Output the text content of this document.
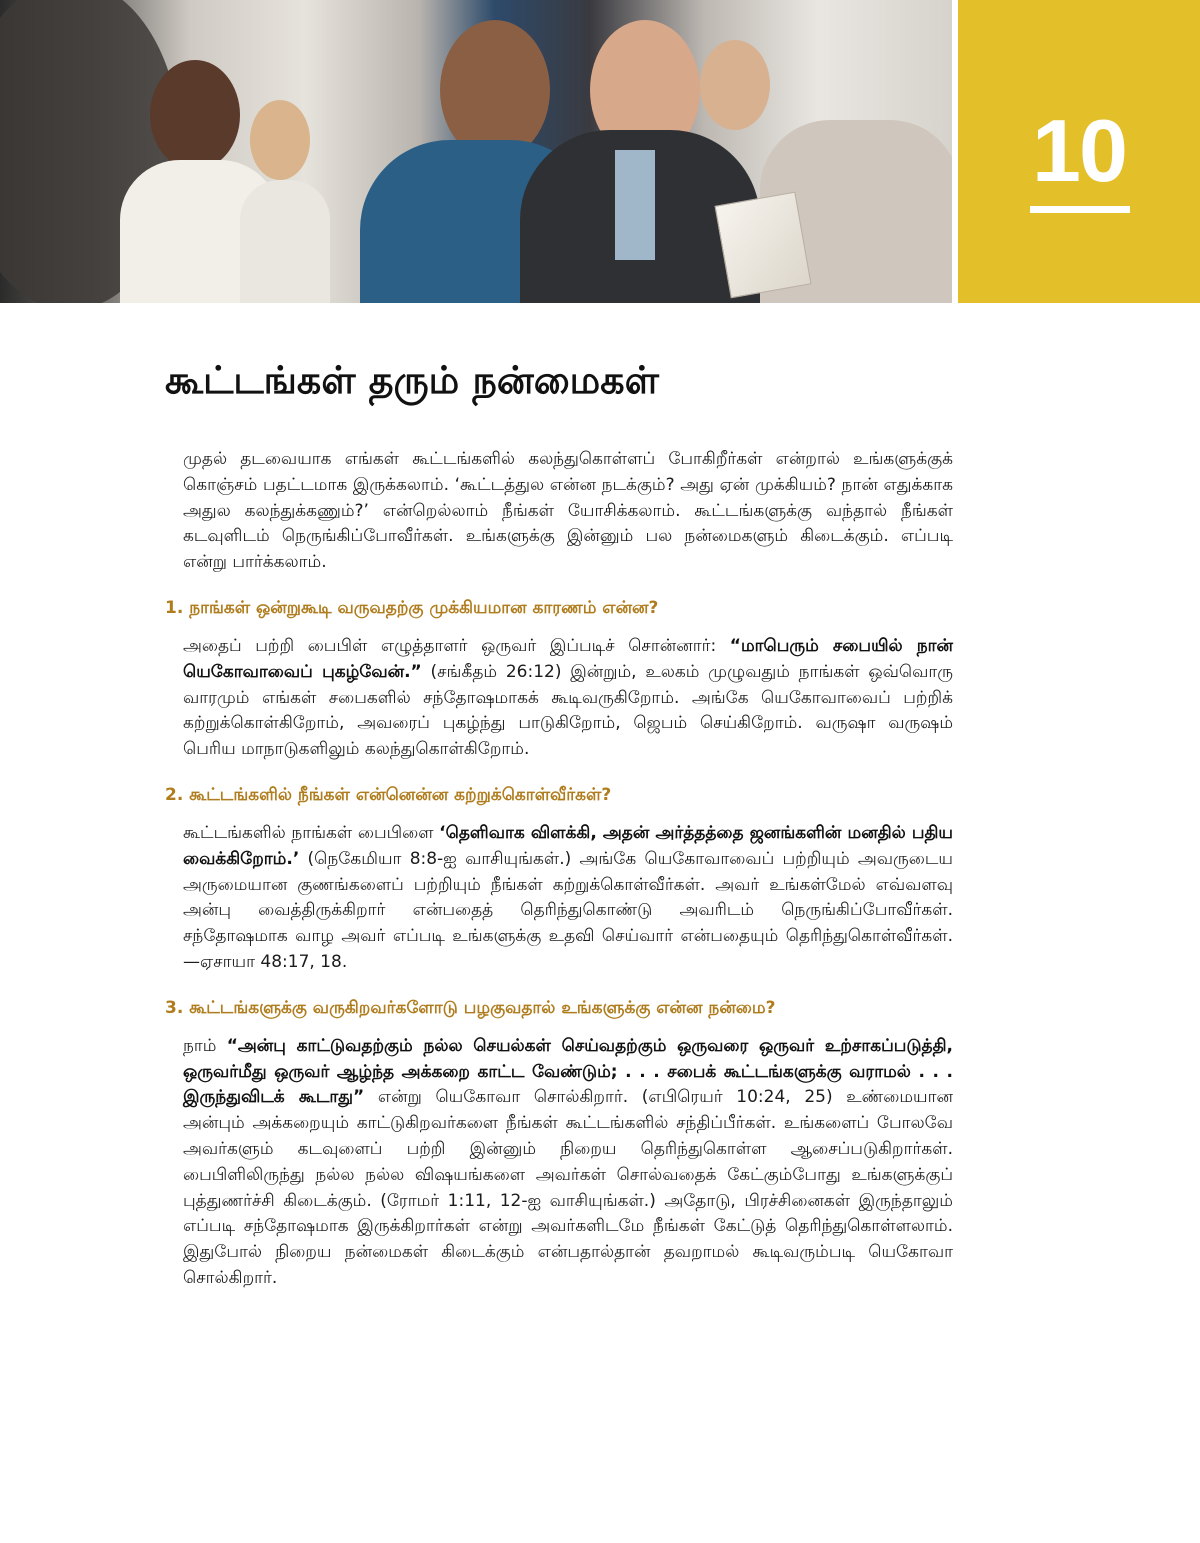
10
கூட்டங்கள் தரும் நன்மைகள்

முதல் தடவையாக எங்கள் கூட்டங்களில் கலந்துகொள்ளப் போகிறீர்கள் என்றால் உங்களுக்குக் கொஞ்சம் பதட்டமாக இருக்கலாம். ‘கூட்டத்துல என்ன நடக்கும்? அது ஏன் முக்கியம்? நான் எதுக்காக அதுல கலந்துக்கணும்?’ என்றெல்லாம் நீங்கள் யோசிக்கலாம். கூட்டங்களுக்கு வந்தால் நீங்கள் கடவுளிடம் நெருங்கிப்போவீர்கள். உங்களுக்கு இன்னும் பல நன்மைகளும் கிடைக்கும். எப்படி என்று பார்க்கலாம்.

1. நாங்கள் ஒன்றுகூடி வருவதற்கு முக்கியமான காரணம் என்ன?

அதைப் பற்றி பைபிள் எழுத்தாளர் ஒருவர் இப்படிச் சொன்னார்: “மாபெரும் சபையில் நான் யெகோவாவைப் புகழ்வேன்.” (சங்கீதம் 26:12) இன்றும், உலகம் முழுவதும் நாங்கள் ஒவ்வொரு வாரமும் எங்கள் சபைகளில் சந்தோஷமாகக் கூடிவருகிறோம். அங்கே யெகோவாவைப் பற்றிக் கற்றுக்கொள்கிறோம், அவரைப் புகழ்ந்து பாடுகிறோம், ஜெபம் செய்கிறோம். வருஷா வருஷம் பெரிய மாநாடுகளிலும் கலந்துகொள்கிறோம்.

2. கூட்டங்களில் நீங்கள் என்னென்ன கற்றுக்கொள்வீர்கள்?

கூட்டங்களில் நாங்கள் பைபிளை ‘தெளிவாக விளக்கி, அதன் அர்த்தத்தை ஜனங்களின் மனதில் பதிய வைக்கிறோம்.’ (நெகேமியா 8:8-ஐ வாசியுங்கள்.) அங்கே யெகோவாவைப் பற்றியும் அவருடைய அருமையான குணங்களைப் பற்றியும் நீங்கள் கற்றுக்கொள்வீர்கள். அவர் உங்கள்மேல் எவ்வளவு அன்பு வைத்திருக்கிறார் என்பதைத் தெரிந்துகொண்டு அவரிடம் நெருங்கிப்போவீர்கள். சந்தோஷமாக வாழ அவர் எப்படி உங்களுக்கு உதவி செய்வார் என்பதையும் தெரிந்துகொள்வீர்கள்.—ஏசாயா 48:17, 18.

3. கூட்டங்களுக்கு வருகிறவர்களோடு பழகுவதால் உங்களுக்கு என்ன நன்மை?

நாம் “அன்பு காட்டுவதற்கும் நல்ல செயல்கள் செய்வதற்கும் ஒருவரை ஒருவர் உற்சாகப்படுத்தி, ஒருவர்மீது ஒருவர் ஆழ்ந்த அக்கறை காட்ட வேண்டும்; . . . சபைக் கூட்டங்களுக்கு வராமல் . . . இருந்துவிடக் கூடாது” என்று யெகோவா சொல்கிறார். (எபிரெயர் 10:24, 25) உண்மையான அன்பும் அக்கறையும் காட்டுகிறவர்களை நீங்கள் கூட்டங்களில் சந்திப்பீர்கள். உங்களைப் போலவே அவர்களும் கடவுளைப் பற்றி இன்னும் நிறைய தெரிந்துகொள்ள ஆசைப்படுகிறார்கள். பைபிளிலிருந்து நல்ல நல்ல விஷயங்களை அவர்கள் சொல்வதைக் கேட்கும்போது உங்களுக்குப் புத்துணர்ச்சி கிடைக்கும். (ரோமர் 1:11, 12-ஐ வாசியுங்கள்.) அதோடு, பிரச்சினைகள் இருந்தாலும் எப்படி சந்தோஷமாக இருக்கிறார்கள் என்று அவர்களிடமே நீங்கள் கேட்டுத் தெரிந்துகொள்ளலாம். இதுபோல் நிறைய நன்மைகள் கிடைக்கும் என்பதால்தான் தவறாமல் கூடிவரும்படி யெகோவா சொல்கிறார்.
